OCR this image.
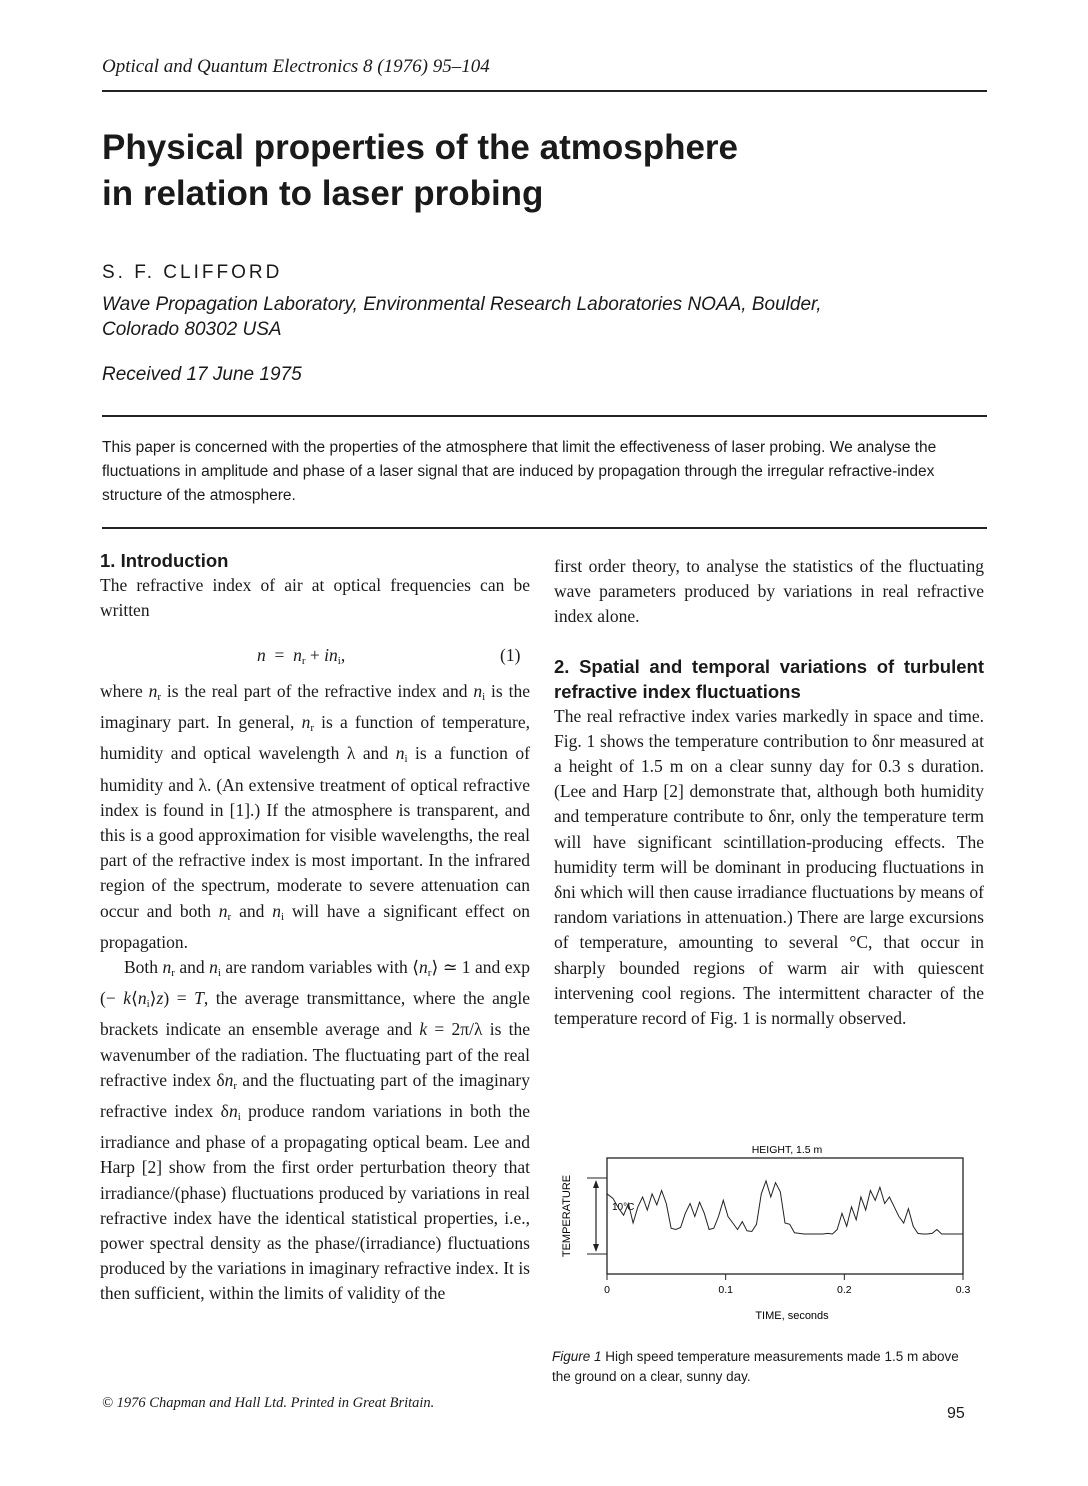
Optical and Quantum Electronics 8 (1976) 95–104
Physical properties of the atmosphere
in relation to laser probing
S. F. CLIFFORD
Wave Propagation Laboratory, Environmental Research Laboratories NOAA, Boulder,
Colorado 80302 USA
Received 17 June 1975
This paper is concerned with the properties of the atmosphere that limit the effectiveness of laser probing. We analyse the fluctuations in amplitude and phase of a laser signal that are induced by propagation through the irregular refractive-index structure of the atmosphere.
1. Introduction

The refractive index of air at optical frequencies can be written

$n = n_r + in_i$,	(1)

where $n_r$ is the real part of the refractive index and $n_i$ is the imaginary part. In general, $n_r$ is a function of temperature, humidity and optical wavelength λ and $n_i$ is a function of humidity and λ. (An extensive treatment of optical refractive index is found in [1].) If the atmosphere is transparent, and this is a good approximation for visible wavelengths, the real part of the refractive index is most important. In the infrared region of the spectrum, moderate to severe attenuation can occur and both $n_r$ and $n_i$ will have a significant effect on propagation.

Both $n_r$ and $n_i$ are random variables with $⟨n_r⟩$ ≃ 1 and exp (− $k⟨n_i⟩z) = T$, the average transmittance, where the angle brackets indicate an ensemble average and k = 2π/λ is the wavenumber of the radiation. The fluctuating part of the real refractive index $\delta n_r$ and the fluctuating part of the imaginary refractive index $\delta n_i$ produce random variations in both the irradiance and phase of a propagating optical beam. Lee and Harp [2] show from the first order perturbation theory that irradiance/(phase) fluctuations produced by variations in real refractive index have the identical statistical properties, i.e., power spectral density as the phase/(irradiance) fluctuations produced by the variations in imaginary refractive index. It is then sufficient, within the limits of validity of the

first order theory, to analyse the statistics of the fluctuating wave parameters produced by variations in real refractive index alone.

2. Spatial and temporal variations of turbulent refractive index fluctuations

The real refractive index varies markedly in space and time. Fig. 1 shows the temperature contribution to δnr measured at a height of 1.5 m on a clear sunny day for 0.3 s duration. (Lee and Harp [2] demonstrate that, although both humidity and temperature contribute to δnr, only the temperature term will have significant scintillation-producing effects. The humidity term will be dominant in producing fluctuations in δni which will then cause irradiance fluctuations by means of random variations in attenuation.) There are large excursions of temperature, amounting to several °C, that occur in sharply bounded regions of warm air with quiescent intervening cool regions. The intermittent character of the temperature record of Fig. 1 is normally observed.

HEIGHT, 1.5 m
TEMPERATURE	10°C
0	0.1	0.2	0.3
TIME, seconds
Figure 1 High speed temperature measurements made 1.5 m above the ground on a clear, sunny day.
© 1976 Chapman and Hall Ltd. Printed in Great Britain.
95
